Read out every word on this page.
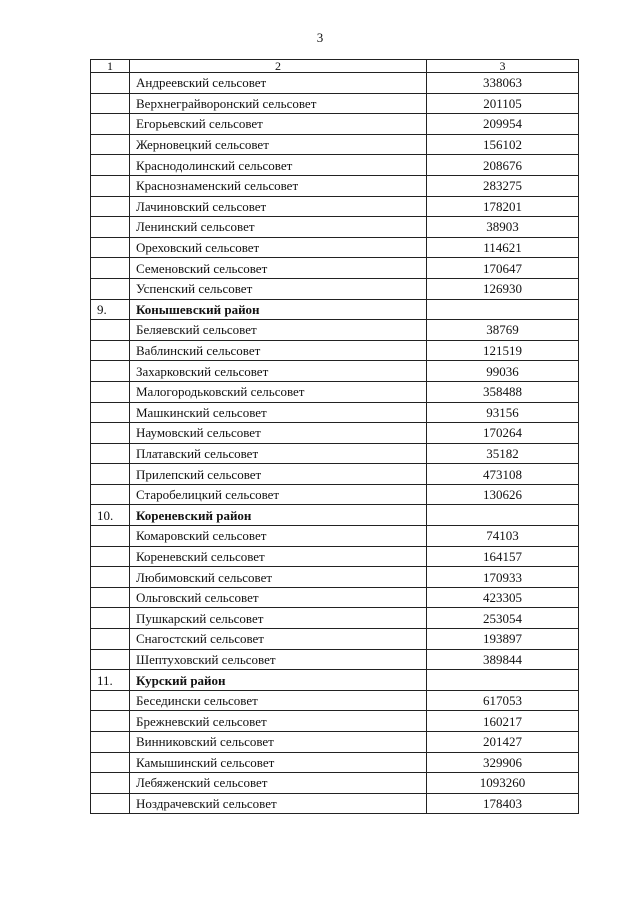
3
1	2	3
	Андреевский сельсовет	338063
	Верхнеграйворонский сельсовет	201105
	Егорьевский сельсовет	209954
	Жерновецкий сельсовет	156102
	Краснодолинский сельсовет	208676
	Краснознаменский сельсовет	283275
	Лачиновский сельсовет	178201
	Ленинский сельсовет	38903
	Ореховский сельсовет	114621
	Семеновский сельсовет	170647
	Успенский сельсовет	126930
9.	Конышевский район	
	Беляевский сельсовет	38769
	Ваблинский сельсовет	121519
	Захарковский сельсовет	99036
	Малогородьковский сельсовет	358488
	Машкинский сельсовет	93156
	Наумовский сельсовет	170264
	Платавский сельсовет	35182
	Прилепский сельсовет	473108
	Старобелицкий сельсовет	130626
10.	Кореневский район	
	Комаровский сельсовет	74103
	Кореневский сельсовет	164157
	Любимовский сельсовет	170933
	Ольговский сельсовет	423305
	Пушкарский сельсовет	253054
	Снагостский сельсовет	193897
	Шептуховский сельсовет	389844
11.	Курский район	
	Беседински сельсовет	617053
	Брежневский сельсовет	160217
	Винниковский сельсовет	201427
	Камышинский сельсовет	329906
	Лебяженский сельсовет	1093260
	Ноздрачевский сельсовет	178403
